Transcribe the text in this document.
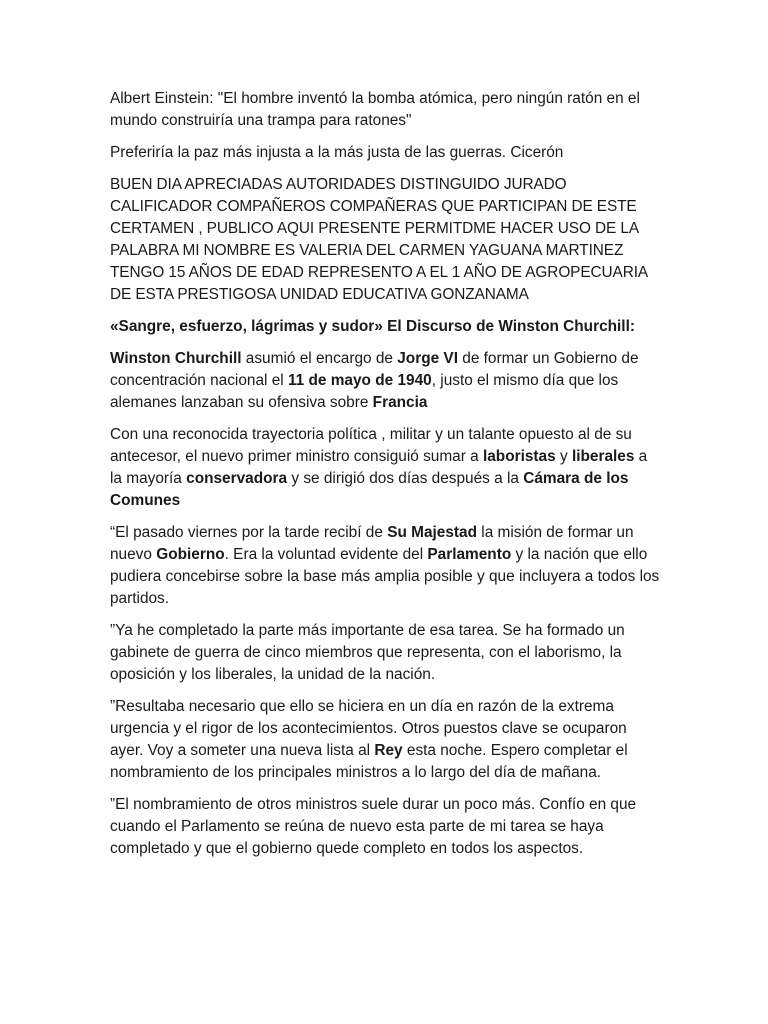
Albert Einstein: "El hombre inventó la bomba atómica, pero ningún ratón en el mundo construiría una trampa para ratones"

Preferiría la paz más injusta a la más justa de las guerras. Cicerón

BUEN DIA APRECIADAS AUTORIDADES DISTINGUIDO JURADO CALIFICADOR COMPAÑEROS COMPAÑERAS QUE PARTICIPAN DE ESTE CERTAMEN , PUBLICO AQUI PRESENTE PERMITDME HACER USO DE LA PALABRA MI NOMBRE ES VALERIA DEL CARMEN YAGUANA MARTINEZ TENGO 15 AÑOS DE EDAD REPRESENTO A EL 1 AÑO DE AGROPECUARIA DE ESTA PRESTIGOSA UNIDAD EDUCATIVA GONZANAMA

«Sangre, esfuerzo, lágrimas y sudor» El Discurso de Winston Churchill:

Winston Churchill asumió el encargo de Jorge VI de formar un Gobierno de concentración nacional el 11 de mayo de 1940, justo el mismo día que los alemanes lanzaban su ofensiva sobre Francia

Con una reconocida trayectoria política , militar y un talante opuesto al de su antecesor, el nuevo primer ministro consiguió sumar a laboristas y liberales a la mayoría conservadora y se dirigió dos días después a la Cámara de los Comunes

“El pasado viernes por la tarde recibí de Su Majestad la misión de formar un nuevo Gobierno. Era la voluntad evidente del Parlamento y la nación que ello pudiera concebirse sobre la base más amplia posible y que incluyera a todos los partidos.

”Ya he completado la parte más importante de esa tarea. Se ha formado un gabinete de guerra de cinco miembros que representa, con el laborismo, la oposición y los liberales, la unidad de la nación.

”Resultaba necesario que ello se hiciera en un día en razón de la extrema urgencia y el rigor de los acontecimientos. Otros puestos clave se ocuparon ayer. Voy a someter una nueva lista al Rey esta noche. Espero completar el nombramiento de los principales ministros a lo largo del día de mañana.

”El nombramiento de otros ministros suele durar un poco más. Confío en que cuando el Parlamento se reúna de nuevo esta parte de mi tarea se haya completado y que el gobierno quede completo en todos los aspectos.
